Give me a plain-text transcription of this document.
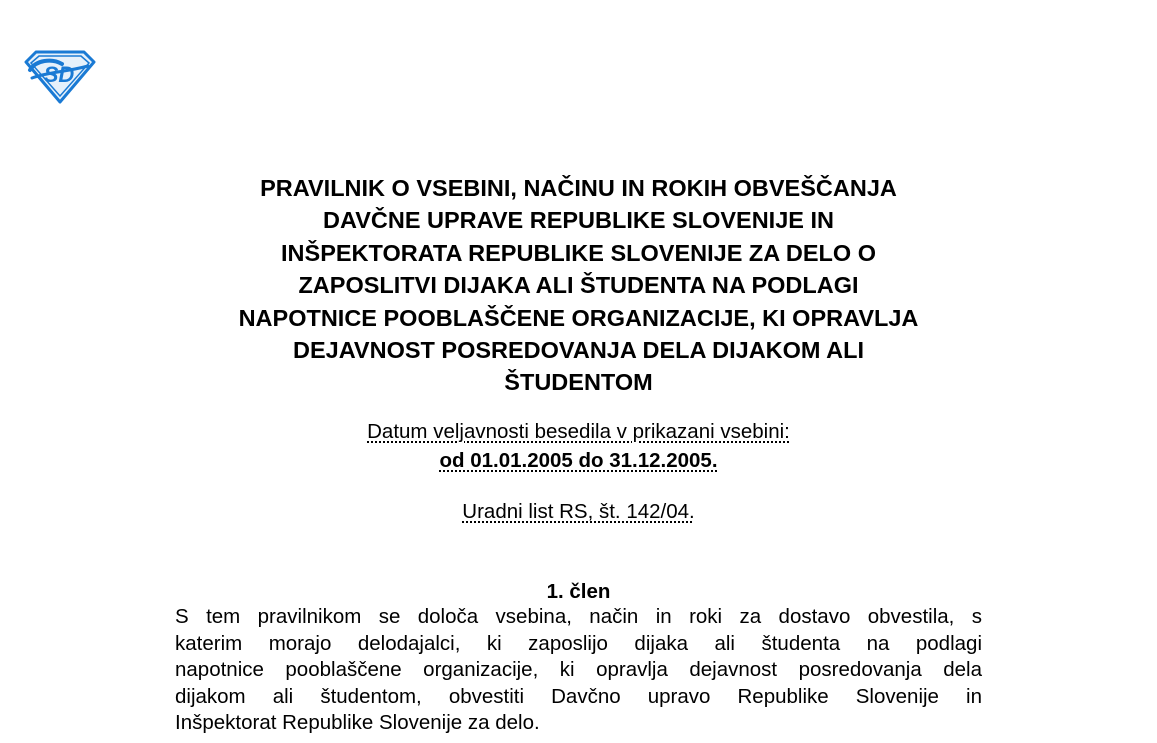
SD
PRAVILNIK O VSEBINI, NAČINU IN ROKIH OBVEŠČANJA
DAVČNE UPRAVE REPUBLIKE SLOVENIJE IN
INŠPEKTORATA REPUBLIKE SLOVENIJE ZA DELO O
ZAPOSLITVI DIJAKA ALI ŠTUDENTA NA PODLAGI
NAPOTNICE POOBLAŠČENE ORGANIZACIJE, KI OPRAVLJA
DEJAVNOST POSREDOVANJA DELA DIJAKOM ALI
ŠTUDENTOM
Datum veljavnosti besedila v prikazani vsebini:
od 01.01.2005 do 31.12.2005.
Uradni list RS, št. 142/04.
1. člen
S tem pravilnikom se določa vsebina, način in roki za dostavo obvestila, s
katerim morajo delodajalci, ki zaposlijo dijaka ali študenta na podlagi
napotnice pooblaščene organizacije, ki opravlja dejavnost posredovanja dela
dijakom ali študentom, obvestiti Davčno upravo Republike Slovenije in
Inšpektorat Republike Slovenije za delo.
